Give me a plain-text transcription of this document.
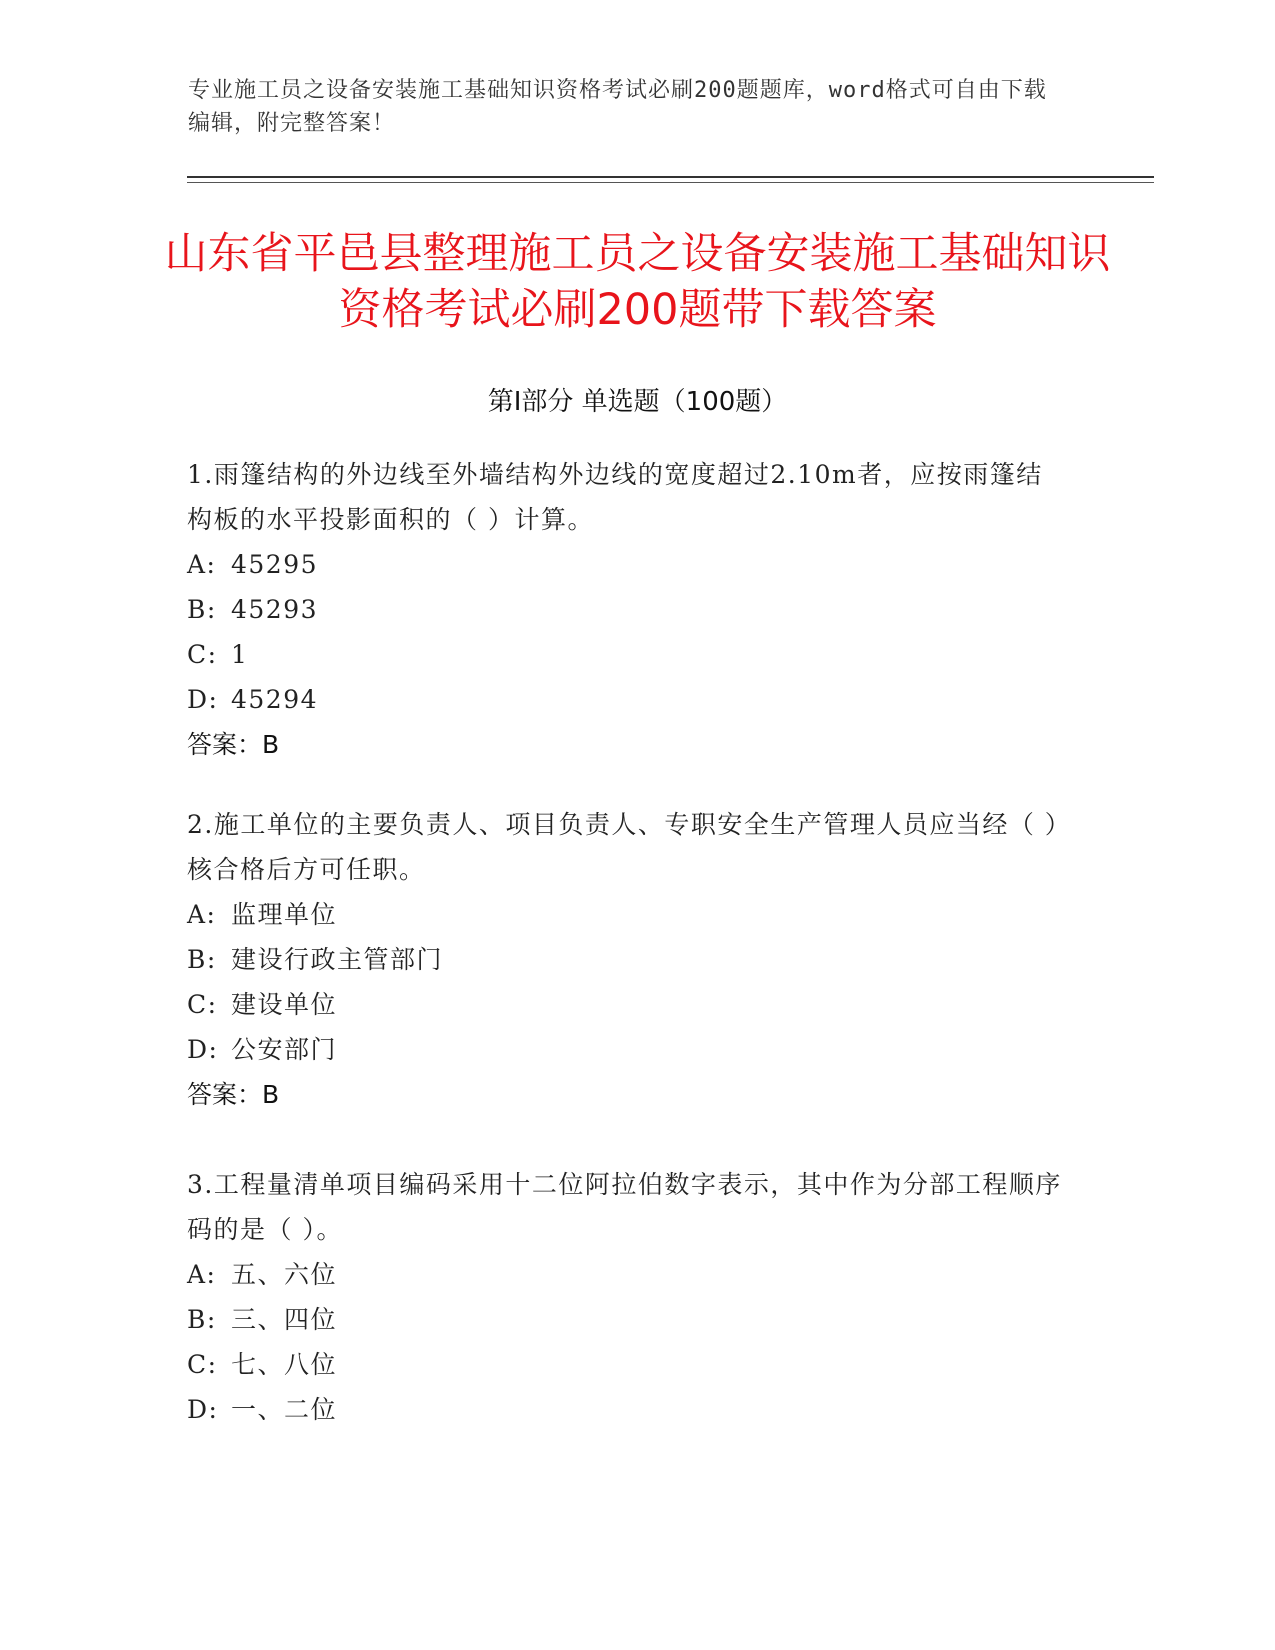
专业施工员之设备安装施工基础知识资格考试必刷200题题库，word格式可自由下载编辑，附完整答案！
山东省平邑县整理施工员之设备安装施工基础知识资格考试必刷200题带下载答案
第Ⅰ部分 单选题（100题）
1.雨篷结构的外边线至外墙结构外边线的宽度超过2.10m者，应按雨篷结构板的水平投影面积的（ ）计算。
A: 45295
B: 45293
C: 1
D: 45294
答案：B
2.施工单位的主要负责人、项目负责人、专职安全生产管理人员应当经（ ）核合格后方可任职。
A: 监理单位
B: 建设行政主管部门
C: 建设单位
D: 公安部门
答案：B
3.工程量清单项目编码采用十二位阿拉伯数字表示，其中作为分部工程顺序码的是（ ）。
A: 五、六位
B: 三、四位
C: 七、八位
D: 一、二位
